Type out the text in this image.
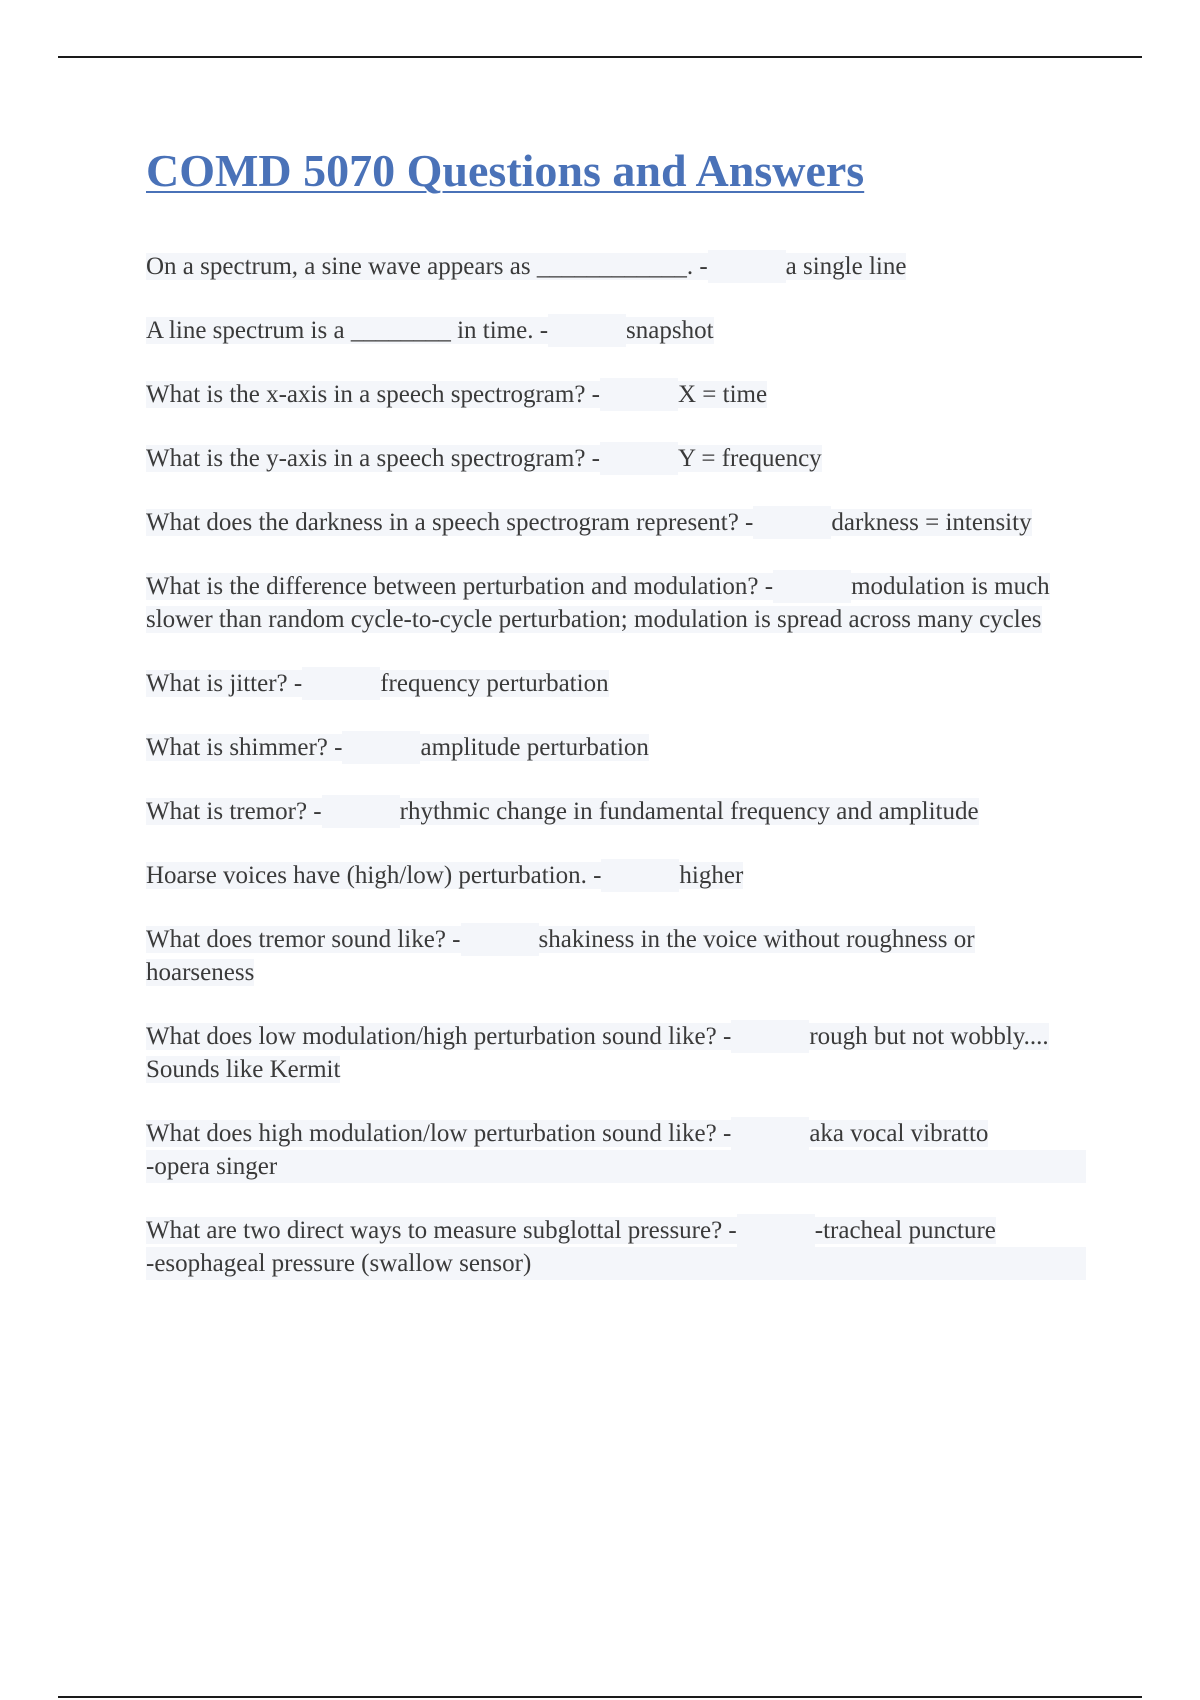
COMD 5070 Questions and Answers

On a spectrum, a sine wave appears as ____________. -	a single line

A line spectrum is a ________ in time. -	snapshot

What is the x-axis in a speech spectrogram? -	X = time

What is the y-axis in a speech spectrogram? -	Y = frequency

What does the darkness in a speech spectrogram represent? -	darkness = intensity

What is the difference between perturbation and modulation? -	modulation is much slower than random cycle-to-cycle perturbation; modulation is spread across many cycles

What is jitter? -	frequency perturbation

What is shimmer? -	amplitude perturbation

What is tremor? -	rhythmic change in fundamental frequency and amplitude

Hoarse voices have (high/low) perturbation. -	higher

What does tremor sound like? -	shakiness in the voice without roughness or hoarseness

What does low modulation/high perturbation sound like? -	rough but not wobbly.... Sounds like Kermit

What does high modulation/low perturbation sound like? -	aka vocal vibratto
-opera singer

What are two direct ways to measure subglottal pressure? -	-tracheal puncture
-esophageal pressure (swallow sensor)
